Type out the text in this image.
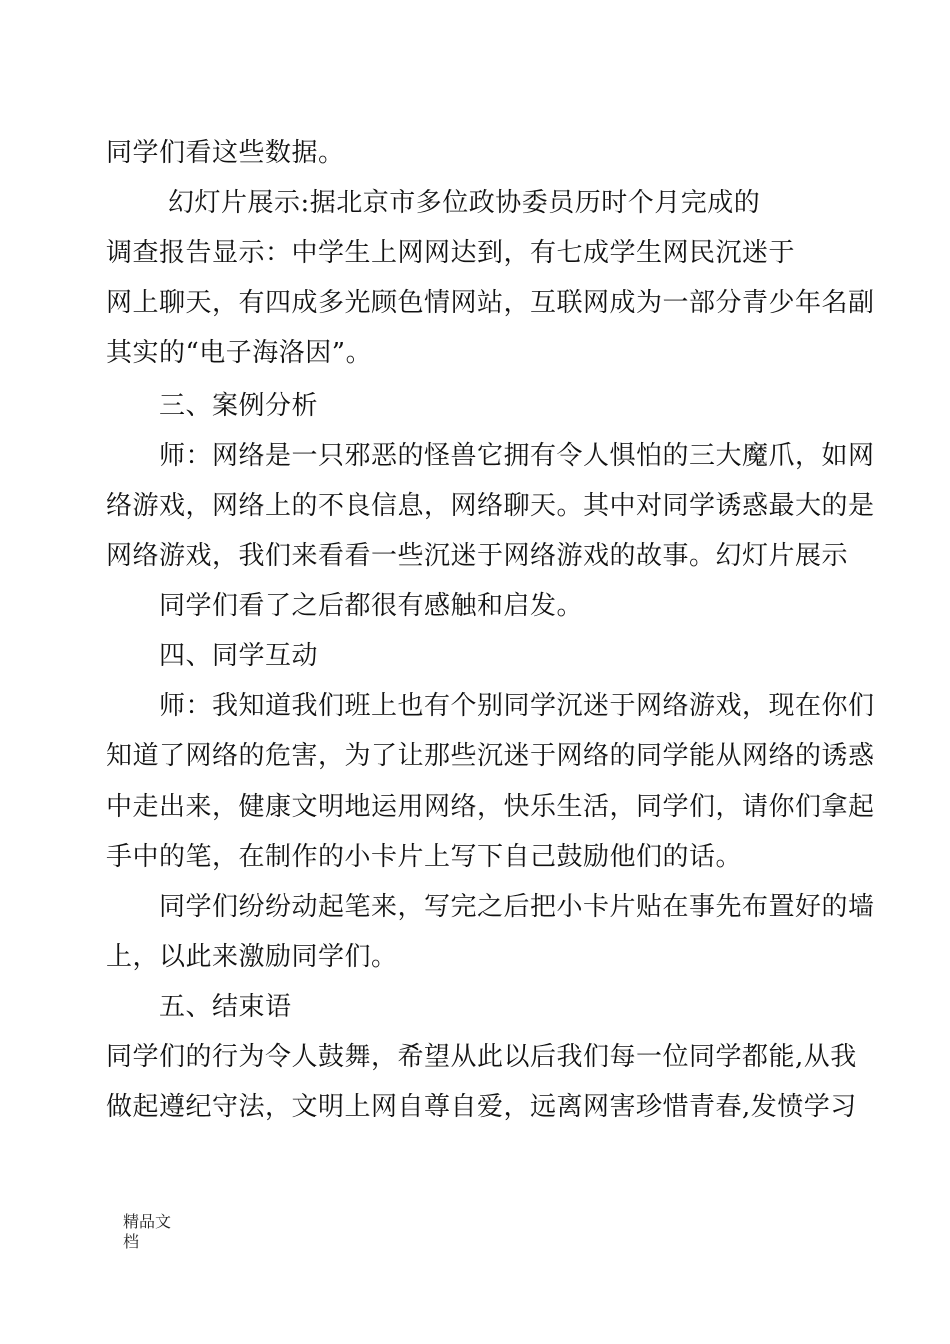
同学们看这些数据。
幻灯片展示:据北京市多位政协委员历时个月完成的
调查报告显示：中学生上网网达到，有七成学生网民沉迷于
网上聊天，有四成多光顾色情网站，互联网成为一部分青少年名副
其实的“电子海洛因”。
三、案例分析
师：网络是一只邪恶的怪兽它拥有令人惧怕的三大魔爪，如网
络游戏，网络上的不良信息，网络聊天。其中对同学诱惑最大的是
网络游戏，我们来看看一些沉迷于网络游戏的故事。幻灯片展示
同学们看了之后都很有感触和启发。
四、同学互动
师：我知道我们班上也有个别同学沉迷于网络游戏，现在你们
知道了网络的危害，为了让那些沉迷于网络的同学能从网络的诱惑
中走出来，健康文明地运用网络，快乐生活，同学们，请你们拿起
手中的笔，在制作的小卡片上写下自己鼓励他们的话。
同学们纷纷动起笔来，写完之后把小卡片贴在事先布置好的墙
上，以此来激励同学们。
五、结束语
同学们的行为令人鼓舞，希望从此以后我们每一位同学都能,从我
做起遵纪守法，文明上网自尊自爱，远离网害珍惜青春,发愤学习
精品文
档
